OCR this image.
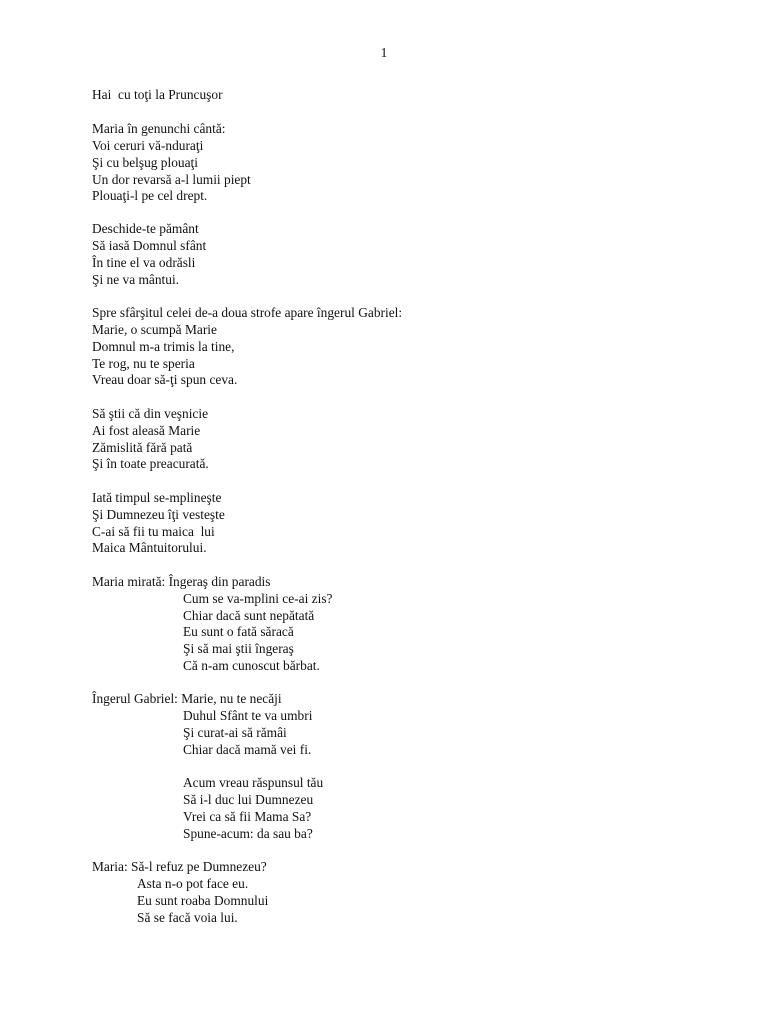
1
Hai  cu toţi la Pruncuşor
Maria în genunchi cântă:
Voi ceruri vă-nduraţi
Şi cu belşug plouaţi
Un dor revarsă a-l lumii piept
Plouaţi-l pe cel drept.
Deschide-te pământ
Să iasă Domnul sfânt
În tine el va odrăsli
Şi ne va mântui.
Spre sfârşitul celei de-a doua strofe apare îngerul Gabriel:
Marie, o scumpă Marie
Domnul m-a trimis la tine,
Te rog, nu te speria
Vreau doar să-ţi spun ceva.
Să ştii că din veşnicie
Ai fost aleasă Marie
Zămislită fără pată
Şi în toate preacurată.
Iată timpul se-mplineşte
Şi Dumnezeu îţi vesteşte
C-ai să fii tu maica  lui
Maica Mântuitorului.
Maria mirată: Îngeraş din paradis
Cum se va-mplini ce-ai zis?
Chiar dacă sunt nepătată
Eu sunt o fată săracă
Şi să mai ştii îngeraş
Că n-am cunoscut bărbat.
Îngerul Gabriel: Marie, nu te necăji
Duhul Sfânt te va umbri
Şi curat-ai să rămâi
Chiar dacă mamă vei fi.
Acum vreau răspunsul tău
Să i-l duc lui Dumnezeu
Vrei ca să fii Mama Sa?
Spune-acum: da sau ba?
Maria: Să-l refuz pe Dumnezeu?
Asta n-o pot face eu.
Eu sunt roaba Domnului
Să se facă voia lui.
